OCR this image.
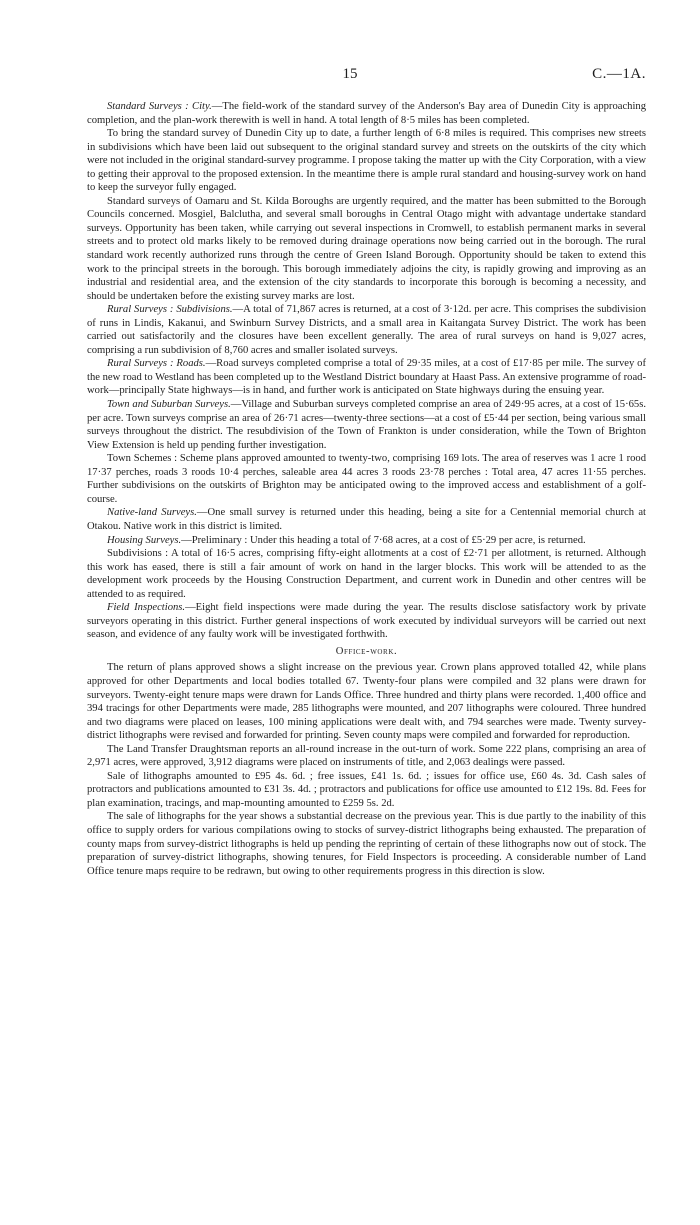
15	C.—1A.

Standard Surveys : City.—The field-work of the standard survey of the Anderson's Bay area of Dunedin City is approaching completion, and the plan-work therewith is well in hand. A total length of 8·5 miles has been completed.

To bring the standard survey of Dunedin City up to date, a further length of 6·8 miles is required. This comprises new streets in subdivisions which have been laid out subsequent to the original standard survey and streets on the outskirts of the city which were not included in the original standard-survey programme. I propose taking the matter up with the City Corporation, with a view to getting their approval to the proposed extension. In the meantime there is ample rural standard and housing-survey work on hand to keep the surveyor fully engaged.

Standard surveys of Oamaru and St. Kilda Boroughs are urgently required, and the matter has been submitted to the Borough Councils concerned. Mosgiel, Balclutha, and several small boroughs in Central Otago might with advantage undertake standard surveys. Opportunity has been taken, while carrying out several inspections in Cromwell, to establish permanent marks in several streets and to protect old marks likely to be removed during drainage operations now being carried out in the borough. The rural standard work recently authorized runs through the centre of Green Island Borough. Opportunity should be taken to extend this work to the principal streets in the borough. This borough immediately adjoins the city, is rapidly growing and improving as an industrial and residential area, and the extension of the city standards to incorporate this borough is becoming a necessity, and should be undertaken before the existing survey marks are lost.

Rural Surveys : Subdivisions.—A total of 71,867 acres is returned, at a cost of 3·12d. per acre. This comprises the subdivision of runs in Lindis, Kakanui, and Swinburn Survey Districts, and a small area in Kaitangata Survey District. The work has been carried out satisfactorily and the closures have been excellent generally. The area of rural surveys on hand is 9,027 acres, comprising a run subdivision of 8,760 acres and smaller isolated surveys.

Rural Surveys : Roads.—Road surveys completed comprise a total of 29·35 miles, at a cost of £17·85 per mile. The survey of the new road to Westland has been completed up to the Westland District boundary at Haast Pass. An extensive programme of road-work—principally State highways—is in hand, and further work is anticipated on State highways during the ensuing year.

Town and Suburban Surveys.—Village and Suburban surveys completed comprise an area of 249·95 acres, at a cost of 15·65s. per acre. Town surveys comprise an area of 26·71 acres—twenty-three sections—at a cost of £5·44 per section, being various small surveys throughout the district. The resubdivision of the Town of Frankton is under consideration, while the Town of Brighton View Extension is held up pending further investigation.

Town Schemes : Scheme plans approved amounted to twenty-two, comprising 169 lots. The area of reserves was 1 acre 1 rood 17·37 perches, roads 3 roods 10·4 perches, saleable area 44 acres 3 roods 23·78 perches : Total area, 47 acres 11·55 perches. Further subdivisions on the outskirts of Brighton may be anticipated owing to the improved access and establishment of a golf-course.

Native-land Surveys.—One small survey is returned under this heading, being a site for a Centennial memorial church at Otakou. Native work in this district is limited.

Housing Surveys.—Preliminary : Under this heading a total of 7·68 acres, at a cost of £5·29 per acre, is returned.

Subdivisions : A total of 16·5 acres, comprising fifty-eight allotments at a cost of £2·71 per allotment, is returned. Although this work has eased, there is still a fair amount of work on hand in the larger blocks. This work will be attended to as the development work proceeds by the Housing Construction Department, and current work in Dunedin and other centres will be attended to as required.

Field Inspections.—Eight field inspections were made during the year. The results disclose satisfactory work by private surveyors operating in this district. Further general inspections of work executed by individual surveyors will be carried out next season, and evidence of any faulty work will be investigated forthwith.

Office-work.

The return of plans approved shows a slight increase on the previous year. Crown plans approved totalled 42, while plans approved for other Departments and local bodies totalled 67. Twenty-four plans were compiled and 32 plans were drawn for surveyors. Twenty-eight tenure maps were drawn for Lands Office. Three hundred and thirty plans were recorded. 1,400 office and 394 tracings for other Departments were made, 285 lithographs were mounted, and 207 lithographs were coloured. Three hundred and two diagrams were placed on leases, 100 mining applications were dealt with, and 794 searches were made. Twenty survey-district lithographs were revised and forwarded for printing. Seven county maps were compiled and forwarded for reproduction.

The Land Transfer Draughtsman reports an all-round increase in the out-turn of work. Some 222 plans, comprising an area of 2,971 acres, were approved, 3,912 diagrams were placed on instruments of title, and 2,063 dealings were passed.

Sale of lithographs amounted to £95 4s. 6d. ; free issues, £41 1s. 6d. ; issues for office use, £60 4s. 3d. Cash sales of protractors and publications amounted to £31 3s. 4d. ; protractors and publications for office use amounted to £12 19s. 8d. Fees for plan examination, tracings, and map-mounting amounted to £259 5s. 2d.

The sale of lithographs for the year shows a substantial decrease on the previous year. This is due partly to the inability of this office to supply orders for various compilations owing to stocks of survey-district lithographs being exhausted. The preparation of county maps from survey-district lithographs is held up pending the reprinting of certain of these lithographs now out of stock. The preparation of survey-district lithographs, showing tenures, for Field Inspectors is proceeding. A considerable number of Land Office tenure maps require to be redrawn, but owing to other requirements progress in this direction is slow.
